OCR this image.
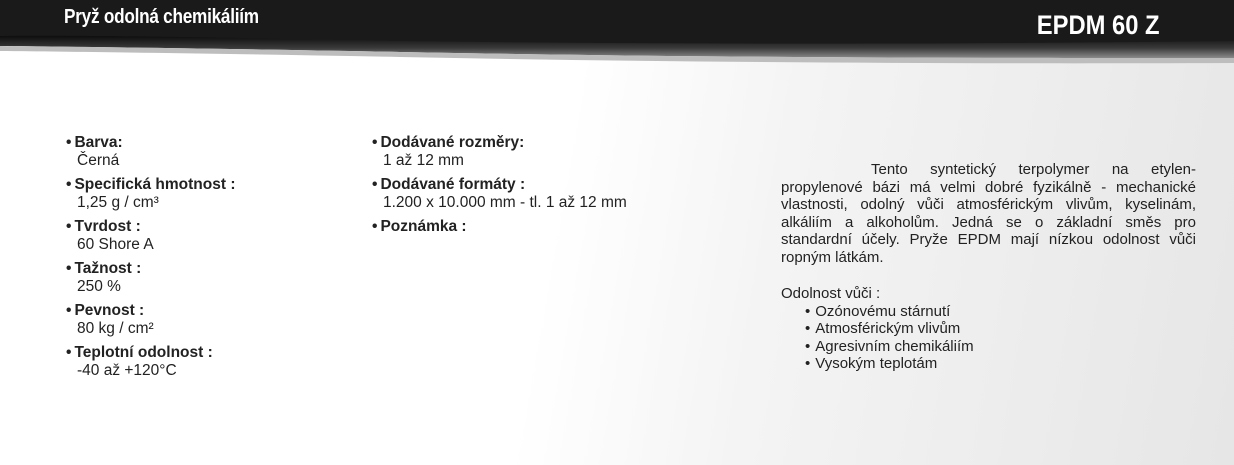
Pryž odolná chemikáliím	EPDM 60 Z
• Barva:
Černá
• Specifická hmotnost :
1,25 g / cm³
• Tvrdost :
60 Shore A
• Tažnost :
250 %
• Pevnost :
80 kg / cm²
• Teplotní odolnost :
-40 až +120°C
• Dodávané rozměry:
1 až 12 mm
• Dodávané formáty :
1.200 x 10.000 mm - tl. 1 až 12 mm
• Poznámka :

Tento syntetický terpolymer na etylen-propylenové bázi má velmi dobré fyzikálně - mechanické vlastnosti, odolný vůči atmosférickým vlivům, kyselinám, alkáliím a alkoholům. Jedná se o základní směs pro standardní účely. Pryže EPDM mají nízkou odolnost vůči ropným látkám.

Odolnost vůči :

• Ozónovému stárnutí
• Atmosférickým vlivům
• Agresivním chemikáliím
• Vysokým teplotám
